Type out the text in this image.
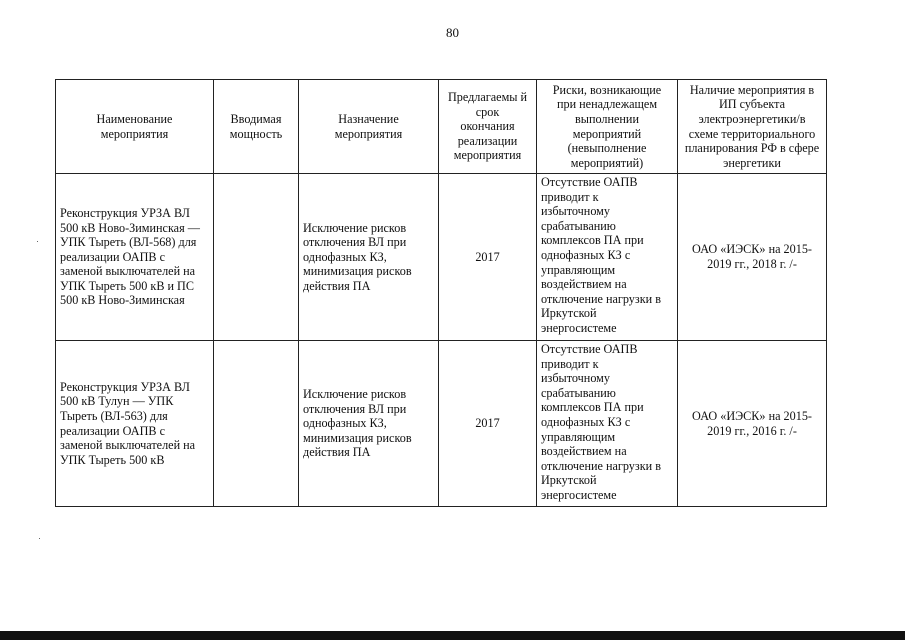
80
Наименование мероприятия
Вводимая мощность
Назначение мероприятия
Предлагаемы й срок окончания реализации мероприятия
Риски, возникающие при ненадлежащем выполнении мероприятий (невыполнение мероприятий)
Наличие мероприятия в ИП субъекта электроэнергетики/в схеме территориального планирования РФ в сфере энергетики
Реконструкция УРЗА ВЛ 500 кВ Ново-Зиминская — УПК Тыреть (ВЛ-568) для реализации ОАПВ с заменой выключателей на УПК Тыреть 500 кВ и ПС 500 кВ Ново-Зиминская
Исключение рисков отключения ВЛ при однофазных КЗ, минимизация рисков действия ПА
2017
Отсутствие ОАПВ приводит к избыточному срабатыванию комплексов ПА при однофазных КЗ с управляющим воздействием на отключение нагрузки в Иркутской энергосистеме
ОАО «ИЭСК» на 2015-2019 гг., 2018 г. /-
Реконструкция УРЗА ВЛ 500 кВ Тулун — УПК Тыреть (ВЛ-563) для реализации ОАПВ с заменой выключателей на УПК Тыреть 500 кВ
Исключение рисков отключения ВЛ при однофазных КЗ, минимизация рисков действия ПА
2017
Отсутствие ОАПВ приводит к избыточному срабатыванию комплексов ПА при однофазных КЗ с управляющим воздействием на отключение нагрузки в Иркутской энергосистеме
ОАО «ИЭСК» на 2015-2019 гг., 2016 г. /-
